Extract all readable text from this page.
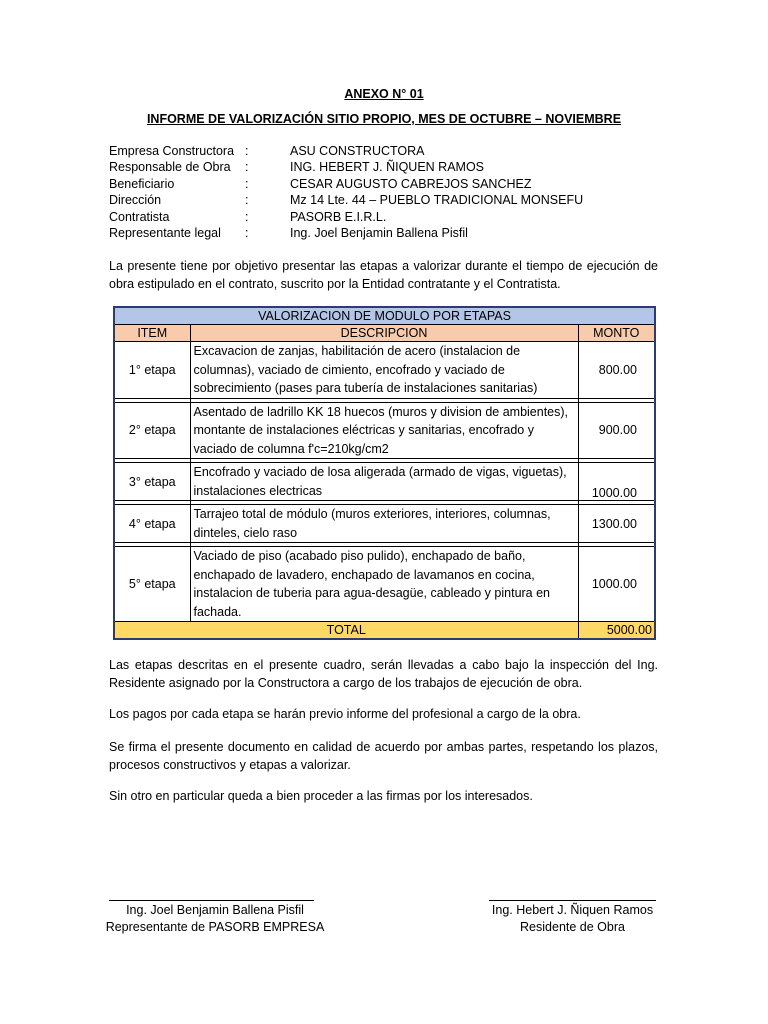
ANEXO N° 01
INFORME DE VALORIZACIÓN SITIO PROPIO, MES DE OCTUBRE – NOVIEMBRE
Empresa Constructora :	ASU CONSTRUCTORA
Responsable de Obra	:	ING. HEBERT J. ÑIQUEN RAMOS
Beneficiario	:	CESAR AUGUSTO CABREJOS SANCHEZ
Dirección	:	Mz 14 Lte. 44 – PUEBLO TRADICIONAL MONSEFU
Contratista	:	PASORB E.I.R.L.
Representante legal	:	Ing. Joel Benjamin Ballena Pisfil
La presente tiene por objetivo presentar las etapas a valorizar durante el tiempo de ejecución de obra estipulado en el contrato, suscrito por la Entidad contratante y el Contratista.
VALORIZACION DE MODULO POR ETAPAS		
ITEM	DESCRIPCION	MONTO
1° etapa	Excavacion de zanjas, habilitación de acero (instalacion de columnas), vaciado de cimiento, encofrado y vaciado de sobrecimiento (pases para tubería de instalaciones sanitarias)	800.00

2° etapa	Asentado de ladrillo KK 18 huecos (muros y division de ambientes), montante de instalaciones eléctricas y sanitarias, encofrado y vaciado de columna f'c=210kg/cm2	900.00

3° etapa	Encofrado y vaciado de losa aligerada (armado de vigas, viguetas), instalaciones electricas	1000.00

4° etapa	Tarrajeo total de módulo (muros exteriores, interiores, columnas, dinteles, cielo raso	1300.00

5° etapa	Vaciado de piso (acabado piso pulido), enchapado de baño, enchapado de lavadero, enchapado de lavamanos en cocina, instalacion de tuberia para agua-desagüe, cableado y pintura en fachada.	1000.00
TOTAL		5000.00
Las etapas descritas en el presente cuadro, serán llevadas a cabo bajo la inspección del Ing. Residente asignado por la Constructora a cargo de los trabajos de ejecución de obra.
Los pagos por cada etapa se harán previo informe del profesional a cargo de la obra.
Se firma el presente documento en calidad de acuerdo por ambas partes, respetando los plazos, procesos constructivos y etapas a valorizar.
Sin otro en particular queda a bien proceder a las firmas por los interesados.
Ing. Joel Benjamin Ballena Pisfil
Representante de PASORB EMPRESA
Ing. Hebert J. Ñiquen Ramos
Residente de Obra
